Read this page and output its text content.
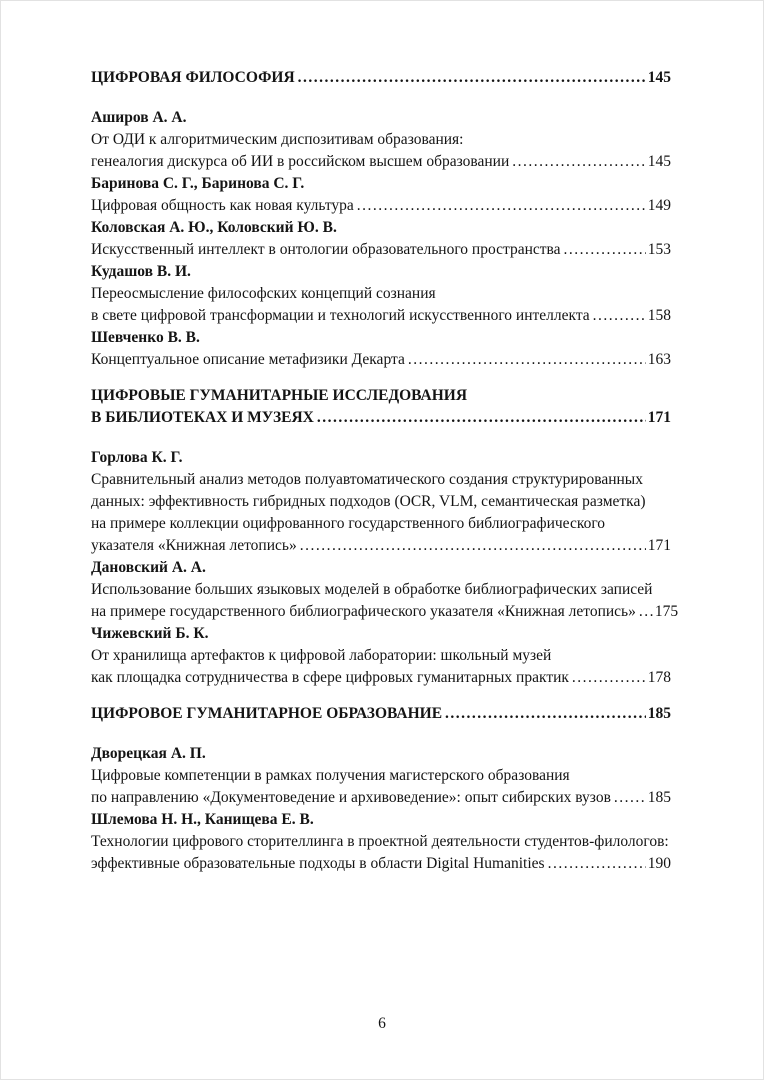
ЦИФРОВАЯ ФИЛОСОФИЯ .....	145
Аширов А. А.
От ОДИ к алгоритмическим диспозитивам образования:
генеалогия дискурса об ИИ в российском высшем образовании .....	145
Баринова С. Г., Баринова С. Г.
Цифровая общность как новая культура .....	149
Коловская А. Ю., Коловский Ю. В.
Искусственный интеллект в онтологии образовательного пространства .....	153
Кудашов В. И.
Переосмысление философских концепций сознания
в свете цифровой трансформации и технологий искусственного интеллекта .....	158
Шевченко В. В.
Концептуальное описание метафизики Декарта .....	163
ЦИФРОВЫЕ ГУМАНИТАРНЫЕ ИССЛЕДОВАНИЯ
В БИБЛИОТЕКАХ И МУЗЕЯХ .....	171
Горлова К. Г.
Сравнительный анализ методов полуавтоматического создания структурированных
данных: эффективность гибридных подходов (OCR, VLM, семантическая разметка)
на примере коллекции оцифрованного государственного библиографического
указателя «Книжная летопись» .....	171
Дановский А. А.
Использование больших языковых моделей в обработке библиографических записей
на примере государственного библиографического указателя «Книжная летопись» ..... 175
Чижевский Б. К.
От хранилища артефактов к цифровой лаборатории: школьный музей
как площадка сотрудничества в сфере цифровых гуманитарных практик .....	178
ЦИФРОВОЕ ГУМАНИТАРНОЕ ОБРАЗОВАНИЕ .....	185
Дворецкая А. П.
Цифровые компетенции в рамках получения магистерского образования
по направлению «Документоведение и архивоведение»: опыт сибирских вузов ..... 185
Шлемова Н. Н., Канищева Е. В.
Технологии цифрового сторителлинга в проектной деятельности студентов-филологов:
эффективные образовательные подходы в области Digital Humanities .....	190
6
